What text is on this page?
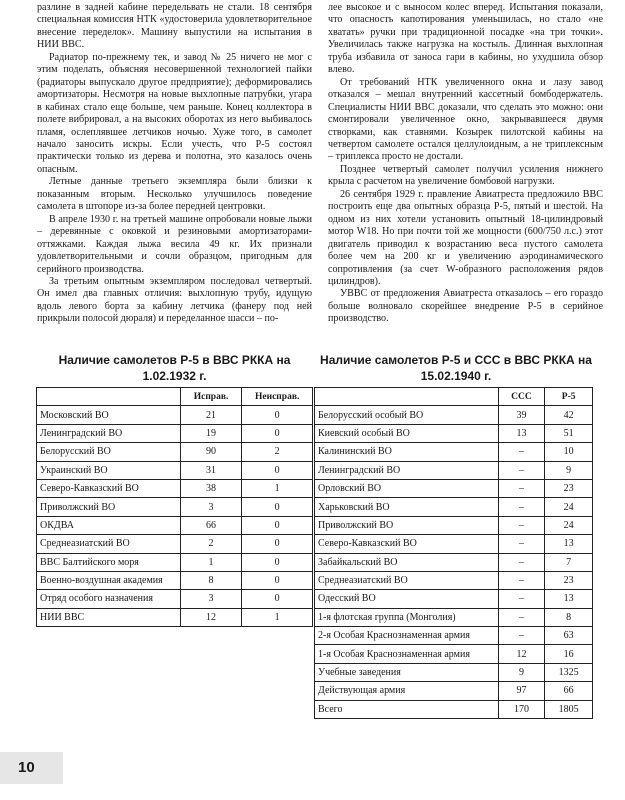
разлине в задней кабине передельвать не стали. 18 сентября специальная комиссия НТК «удостоверила удовлетворительное внесение переделок». Машину выпустили на испытания в НИИ ВВС.

Радиатор по-прежнему тек, и завод № 25 ничего не мог с этим поделать, объясняя несовершенной технологией пайки (радиаторы выпускало другое предприятие); деформировались амортизаторы. Несмотря на новые выхлопные патрубки, угара в кабинах стало еще больше, чем раньше. Конец коллектора в полете вибрировал, а на высоких оборотах из него выбивалось пламя, ослеплявшее летчиков ночью. Хуже того, в самолет начало заносить искры. Если учесть, что Р-5 состоял практически только из дерева и полотна, это казалось очень опасным.

Летные данные третьего экземпляра были близки к показанным вторым. Несколько улучшилось поведение самолета в штопоре из-за более передней центровки.

В апреле 1930 г. на третьей машине опробовали новые лыжи – деревянные с оковкой и резиновыми амортизаторами-оттяжками. Каждая лыжа весила 49 кг. Их признали удовлетворительными и сочли образцом, пригодным для серийного производства.

За третьим опытным экземпляром последовал четвертый. Он имел два главных отличия: выхлопную трубу, идущую вдоль левого борта за кабину летчика (фанеру под ней прикрыли полосой дюраля) и переделанное шасси – по-

лее высокое и с выносом колес вперед. Испытания показали, что опасность капотирования уменьшилась, но стало «не хватать» ручки при традиционной посадке «на три точки». Увеличилась также нагрузка на костыль. Длинная выхлопная труба избавила от заноса гари в кабины, но ухудшила обзор влево.

От требований НТК увеличенного окна и лазу завод отказался – мешал внутренний кассетный бомбодержатель. Специалисты НИИ ВВС доказали, что сделать это можно: они смонтировали увеличенное окно, закрывавшееся двумя створками, как ставнями. Козырек пилотской кабины на четвертом самолете остался целлулоидным, а не триплексным – триплекса просто не достали.

Позднее четвертый самолет получил усиления нижнего крыла с расчетом на увеличение бомбовой нагрузки.

26 сентября 1929 г. правление Авиатреста предложило ВВС построить еще два опытных образца Р-5, пятый и шестой. На одном из них хотели установить опытный 18-цилиндровый мотор W18. Но при почти той же мощности (600/750 л.с.) этот двигатель приводил к возрастанию веса пустого самолета более чем на 200 кг и увеличению аэродинамического сопротивления (за счет W-образного расположения рядов цилиндров).

УВВС от предложения Авиатреста отказалось – его гораздо больше волновало скорейшее внедрение Р-5 в серийное производство.

Наличие самолетов Р-5 в ВВС РККА на 1.02.1932 г.
	Исправ.	Неисправ.
Московский ВО	21	0
Ленинградский ВО	19	0
Белорусский ВО	90	2
Украинский ВО	31	0
Северо-Кавказский ВО	38	1
Приволжский ВО	3	0
ОКДВА	66	0
Среднеазиатский ВО	2	0
ВВС Балтийского моря	1	0
Военно-воздушная академия	8	0
Отряд особого назначения	3	0
НИИ ВВС	12	1
Наличие самолетов Р-5 и ССС в ВВС РККА на 15.02.1940 г.
	ССС	Р-5
Белорусский особый ВО	39	42
Киевский особый ВО	13	51
Калининский ВО	–	10
Ленинградский ВО	–	9
Орловский ВО	–	23
Харьковский ВО	–	24
Приволжский ВО	–	24
Северо-Кавказский ВО	–	13
Забайкальский ВО	–	7
Среднеазиатский ВО	–	23
Одесский ВО	–	13
1-я флотская группа (Монголия)	–	8
2-я Особая Краснознаменная армия	–	63
1-я Особая Краснознаменная армия	12	16
Учебные заведения	9	1325
Действующая армия	97	66
Всего	170	1805
10
